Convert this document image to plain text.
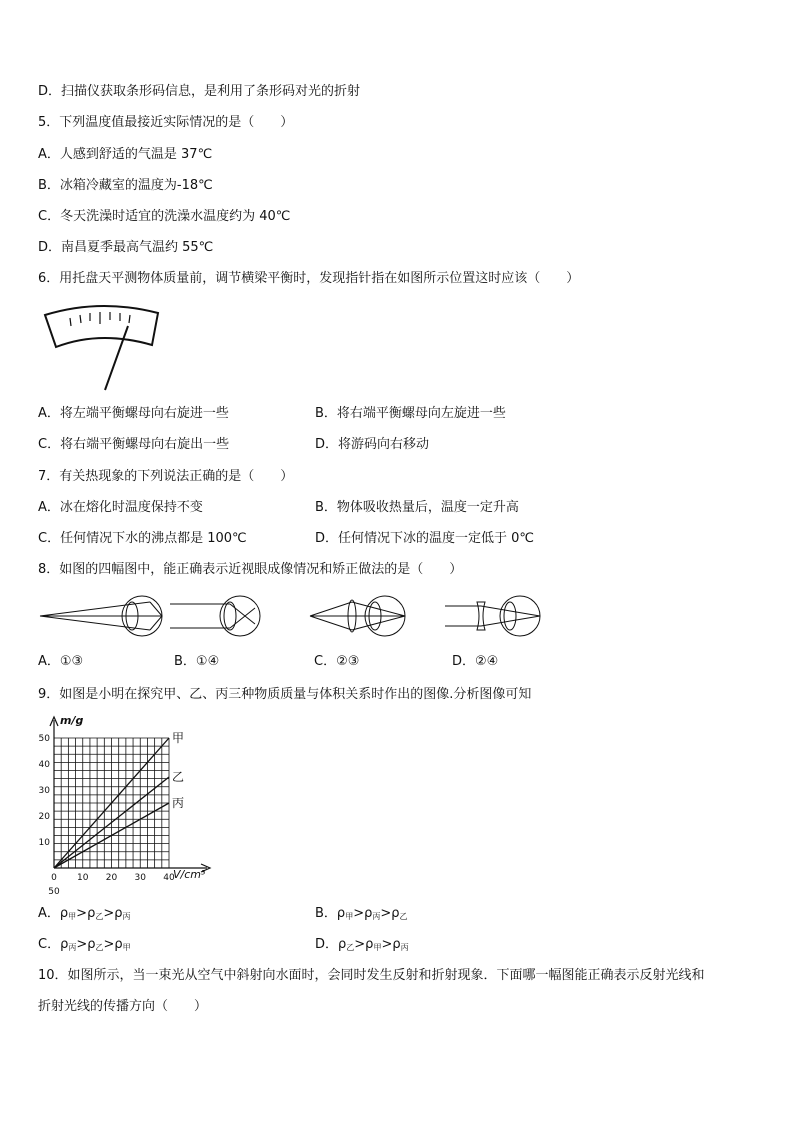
D．扫描仪获取条形码信息，是利用了条形码对光的折射
5．下列温度值最接近实际情况的是（　　）
A．人感到舒适的气温是 37℃
B．冰箱冷藏室的温度为-18℃
C．冬天洗澡时适宜的洗澡水温度约为 40℃
D．南昌夏季最高气温约 55℃
6．用托盘天平测物体质量前，调节横梁平衡时，发现指针指在如图所示位置这时应该（　　）
A．将左端平衡螺母向右旋进一些	B．将右端平衡螺母向左旋进一些
C．将右端平衡螺母向右旋出一些	D．将游码向右移动
7．有关热现象的下列说法正确的是（　　）
A．冰在熔化时温度保持不变	B．物体吸收热量后，温度一定升高
C．任何情况下水的沸点都是 100℃	D．任何情况下冰的温度一定低于 0℃
8．如图的四幅图中，能正确表示近视眼成像情况和矫正做法的是（　　）
A．①③	B．①④	C．②③	D．②④
9．如图是小明在探究甲、乙、丙三种物质质量与体积关系时作出的图像.分析图像可知
甲
乙
丙
10
20
30
40
50
0 10 20 30 40
50
m/g
V/cm³
A．$\rho_甲>\rho_乙>\rho_丙$	B．$\rho_甲>\rho_丙>\rho_乙$
C．$\rho_丙>\rho_乙>\rho_甲$	D．$\rho_乙>\rho_甲>\rho_丙$
10．如图所示，当一束光从空气中斜射向水面时，会同时发生反射和折射现象．下面哪一幅图能正确表示反射光线和
折射光线的传播方向（　　）
